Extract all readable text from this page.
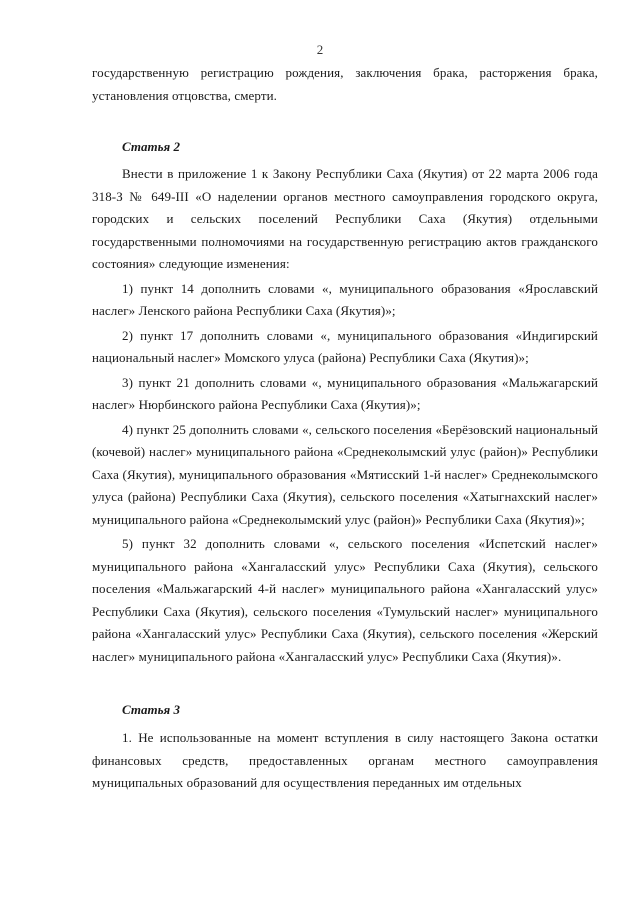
2

государственную регистрацию рождения, заключения брака, расторжения брака, установления отцовства, смерти.

Статья 2

Внести в приложение 1 к Закону Республики Саха (Якутия) от 22 марта 2006 года 318-З № 649-III «О наделении органов местного самоуправления городского округа, городских и сельских поселений Республики Саха (Якутия) отдельными государственными полномочиями на государственную регистрацию актов гражданского состояния» следующие изменения:

1) пункт 14 дополнить словами «, муниципального образования «Ярославский наслег» Ленского района Республики Саха (Якутия)»;

2) пункт 17 дополнить словами «, муниципального образования «Индигирский национальный наслег» Момского улуса (района) Республики Саха (Якутия)»;

3) пункт 21 дополнить словами «, муниципального образования «Мальжагарский наслег» Нюрбинского района Республики Саха (Якутия)»;

4) пункт 25 дополнить словами «, сельского поселения «Берёзовский национальный (кочевой) наслег» муниципального района «Среднеколымский улус (район)» Республики Саха (Якутия), муниципального образования «Мятисский 1-й наслег» Среднеколымского улуса (района) Республики Саха (Якутия), сельского поселения «Хатыгнахский наслег» муниципального района «Среднеколымский улус (район)» Республики Саха (Якутия)»;

5) пункт 32 дополнить словами «, сельского поселения «Испетский наслег» муниципального района «Хангаласский улус» Республики Саха (Якутия), сельского поселения «Мальжагарский 4-й наслег» муниципального района «Хангаласский улус» Республики Саха (Якутия), сельского поселения «Тумульский наслег» муниципального района «Хангаласский улус» Республики Саха (Якутия), сельского поселения «Жерский наслег» муниципального района «Хангаласский улус» Республики Саха (Якутия)».

Статья 3

1. Не использованные на момент вступления в силу настоящего Закона остатки финансовых средств, предоставленных органам местного самоуправления муниципальных образований для осуществления переданных им отдельных
